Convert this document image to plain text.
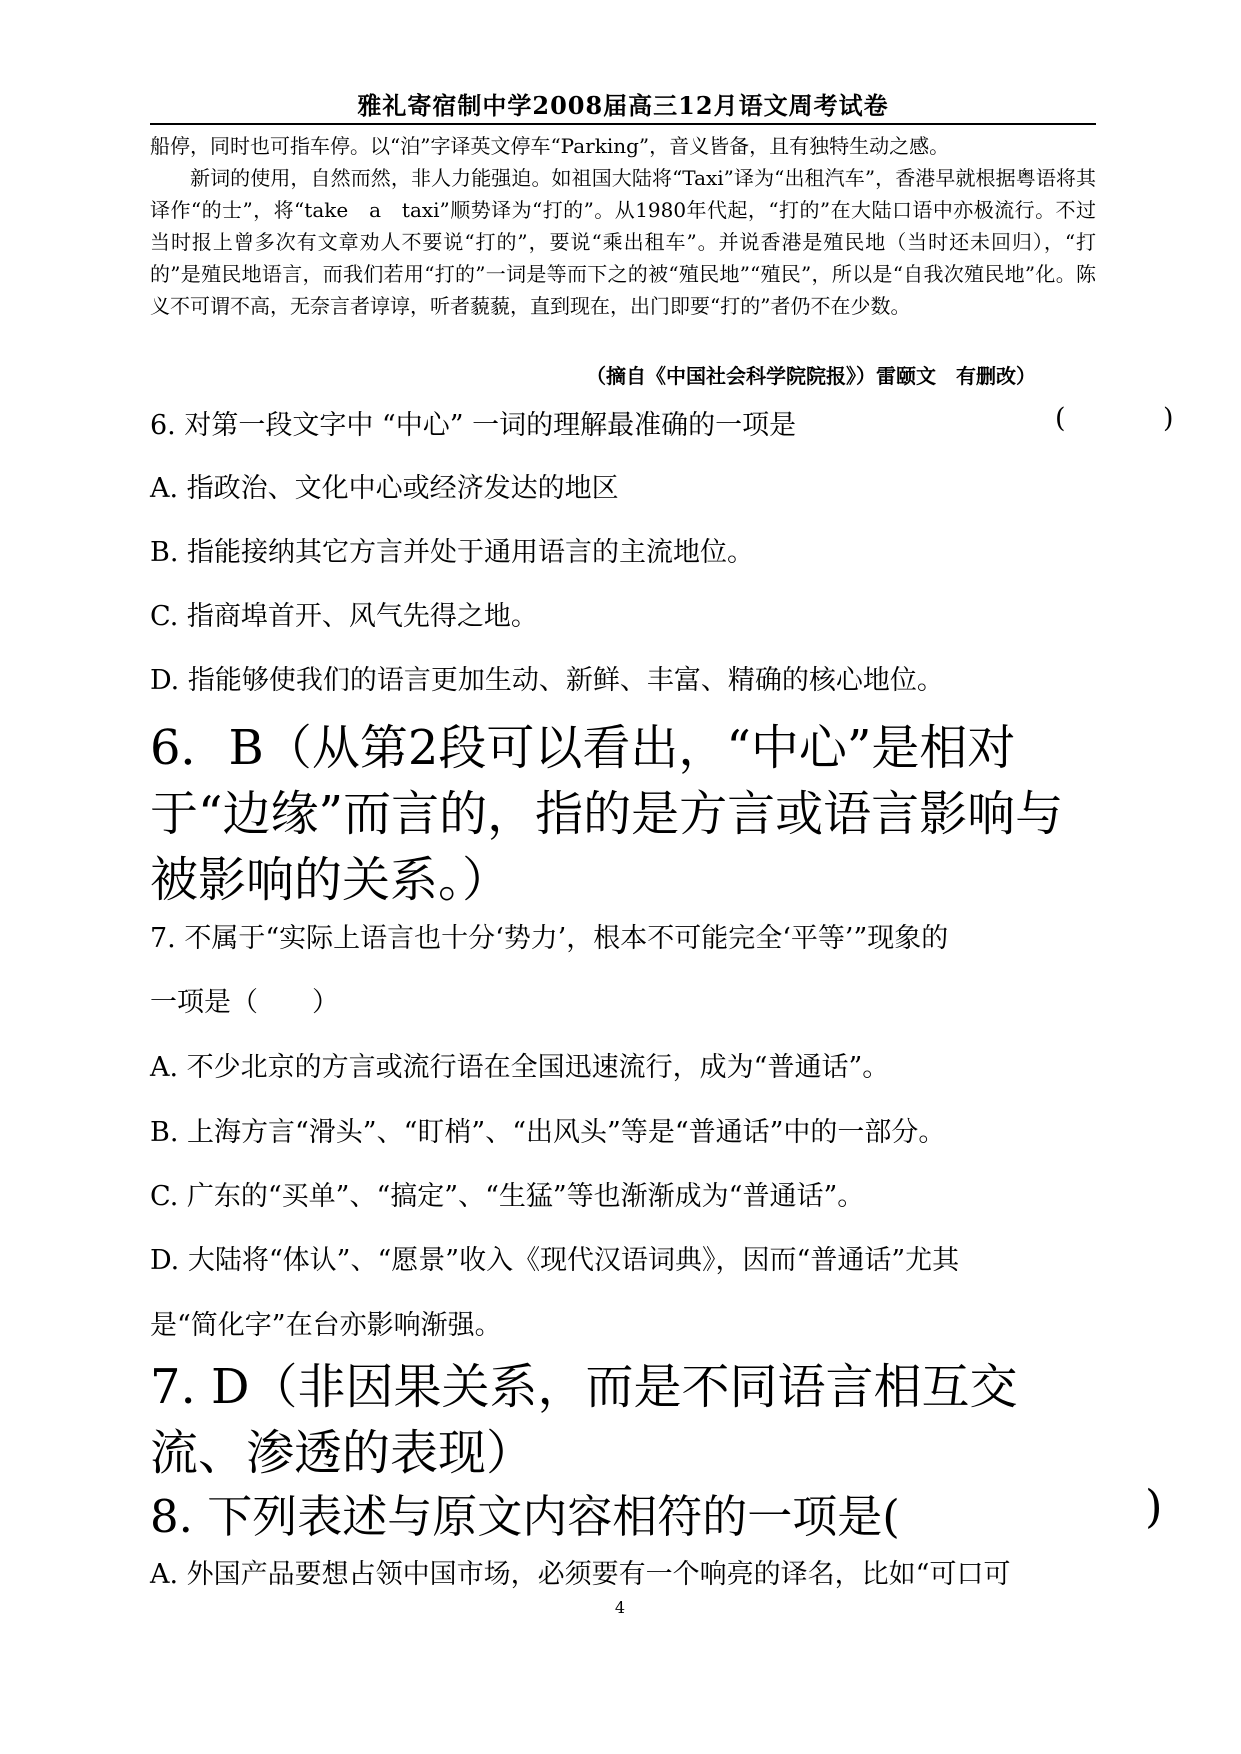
雅礼寄宿制中学2008届高三12月语文周考试卷
船停，同时也可指车停。以“泊”字译英文停车“Parking”，音义皆备，且有独特生动之感。
新词的使用，自然而然，非人力能强迫。如祖国大陆将“Taxi”译为“出租汽车”，香港早就根据粤语将其译作“的士”，将“take　a　taxi”顺势译为“打的”。从1980年代起，“打的”在大陆口语中亦极流行。不过当时报上曾多次有文章劝人不要说“打的”，要说“乘出租车”。并说香港是殖民地（当时还未回归），“打的”是殖民地语言，而我们若用“打的”一词是等而下之的被“殖民地”“殖民”，所以是“自我次殖民地”化。陈义不可谓不高，无奈言者谆谆，听者藐藐，直到现在，出门即要“打的”者仍不在少数。
（摘自《中国社会科学院院报》）雷颐文　有删改）
6. 对第一段文字中 “中心” 一词的理解最准确的一项是	(	)
A. 指政治、文化中心或经济发达的地区
B. 指能接纳其它方言并处于通用语言的主流地位。
C. 指商埠首开、风气先得之地。
D. 指能够使我们的语言更加生动、新鲜、丰富、精确的核心地位。
6．B（从第2段可以看出，“中心”是相对于“边缘”而言的，指的是方言或语言影响与被影响的关系。）
7. 不属于“实际上语言也十分‘势力’，根本不可能完全‘平等’”现象的
一项是（　　）
A. 不少北京的方言或流行语在全国迅速流行，成为“普通话”。
B. 上海方言“滑头”、“盯梢”、“出风头”等是“普通话”中的一部分。
C. 广东的“买单”、“搞定”、“生猛”等也渐渐成为“普通话”。
D. 大陆将“体认”、“愿景”收入《现代汉语词典》，因而“普通话”尤其
是“简化字”在台亦影响渐强。
7. D（非因果关系，而是不同语言相互交流、渗透的表现）
8. 下列表述与原文内容相符的一项是(	)
A. 外国产品要想占领中国市场，必须要有一个响亮的译名，比如“可口可
4
